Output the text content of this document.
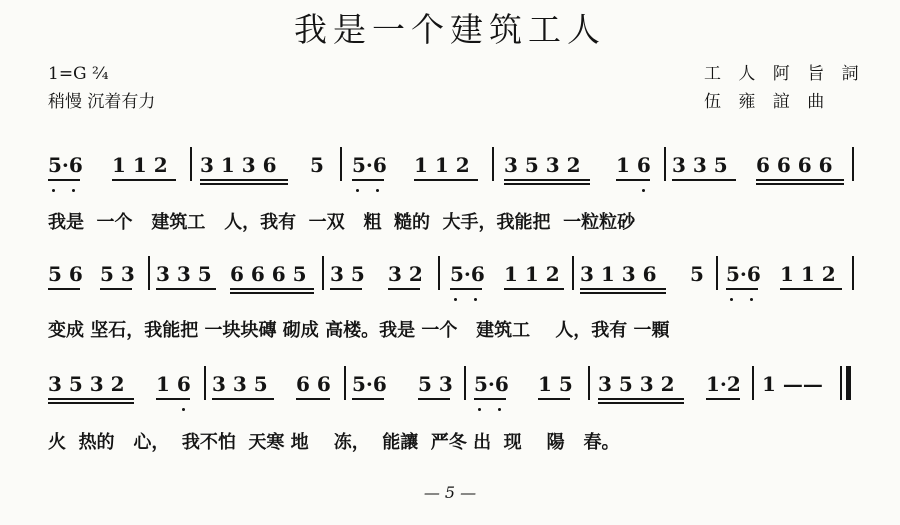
我是一个建筑工人
1=G ²⁄₄
稍慢 沉着有力
工 人 阿 旨 詞
伍 雍 誼 曲
5·6 1 1 2 3 1 3 6 5 5·6 1 1 2 3 5 3 2 1 6 3 3 5 6 6 6 6
我是  一个   建筑工   人，我有  一双   粗  糙的  大手，我能把  一粒粒砂
5 6 5 3 3 3 5 6 6 6 5 3 5 3 2 5·6 1 1 2 3 1 3 6 5 5·6 1 1 2
变成 坚石，我能把 一块块磚 砌成 高楼。我是 一个   建筑工    人，我有 一顆
3 5 3 2 1 6 3 3 5 6 6 5·6 5 3 5·6 1 5 3 5 3 2 1·2 1 ——
火  热的   心，  我不怕  天寒 地    冻，  能讓  严冬 出  现    陽   春。
— 5 —
